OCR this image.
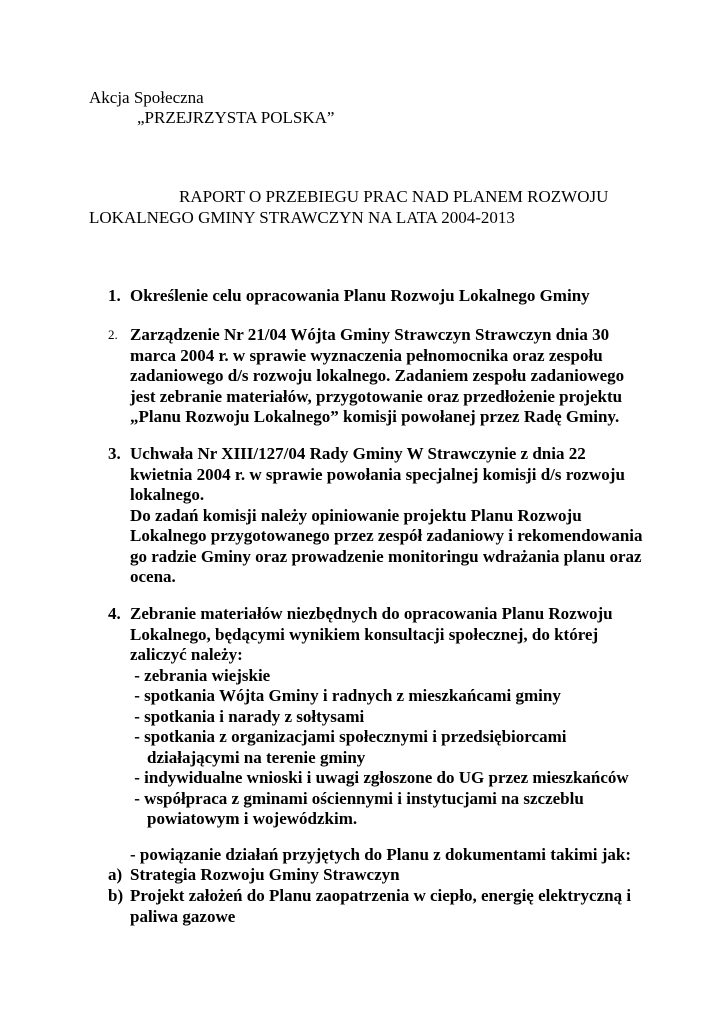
Akcja Społeczna
„PRZEJRZYSTA POLSKA”
RAPORT O PRZEBIEGU PRAC NAD PLANEM ROZWOJU
LOKALNEGO GMINY STRAWCZYN NA LATA 2004-2013
1. Określenie celu opracowania Planu Rozwoju Lokalnego Gminy
2. Zarządzenie Nr 21/04 Wójta Gminy Strawczyn Strawczyn dnia 30
marca 2004 r. w sprawie wyznaczenia pełnomocnika oraz zespołu
zadaniowego d/s rozwoju lokalnego. Zadaniem zespołu zadaniowego
jest zebranie materiałów, przygotowanie oraz przedłożenie projektu
„Planu Rozwoju Lokalnego” komisji powołanej przez Radę Gminy.
3. Uchwała Nr XIII/127/04 Rady Gminy W Strawczynie z dnia 22
kwietnia 2004 r. w sprawie powołania specjalnej komisji d/s rozwoju
lokalnego.
Do zadań komisji należy opiniowanie projektu Planu Rozwoju
Lokalnego przygotowanego przez zespół zadaniowy i rekomendowania
go radzie Gminy oraz prowadzenie monitoringu wdrażania planu oraz
ocena.
4. Zebranie materiałów niezbędnych do opracowania Planu Rozwoju
Lokalnego, będącymi wynikiem konsultacji społecznej, do której
zaliczyć należy:
- zebrania wiejskie
- spotkania Wójta Gminy i radnych z mieszkańcami gminy
- spotkania i narady z sołtysami
- spotkania z organizacjami społecznymi i przedsiębiorcami
działającymi na terenie gminy
- indywidualne wnioski i uwagi zgłoszone do UG przez mieszkańców
- współpraca z gminami ościennymi i instytucjami na szczeblu
powiatowym i wojewódzkim.
- powiązanie działań przyjętych do Planu z dokumentami takimi jak:
a) Strategia Rozwoju Gminy Strawczyn
b) Projekt założeń do Planu zaopatrzenia w ciepło, energię elektryczną i
paliwa gazowe
